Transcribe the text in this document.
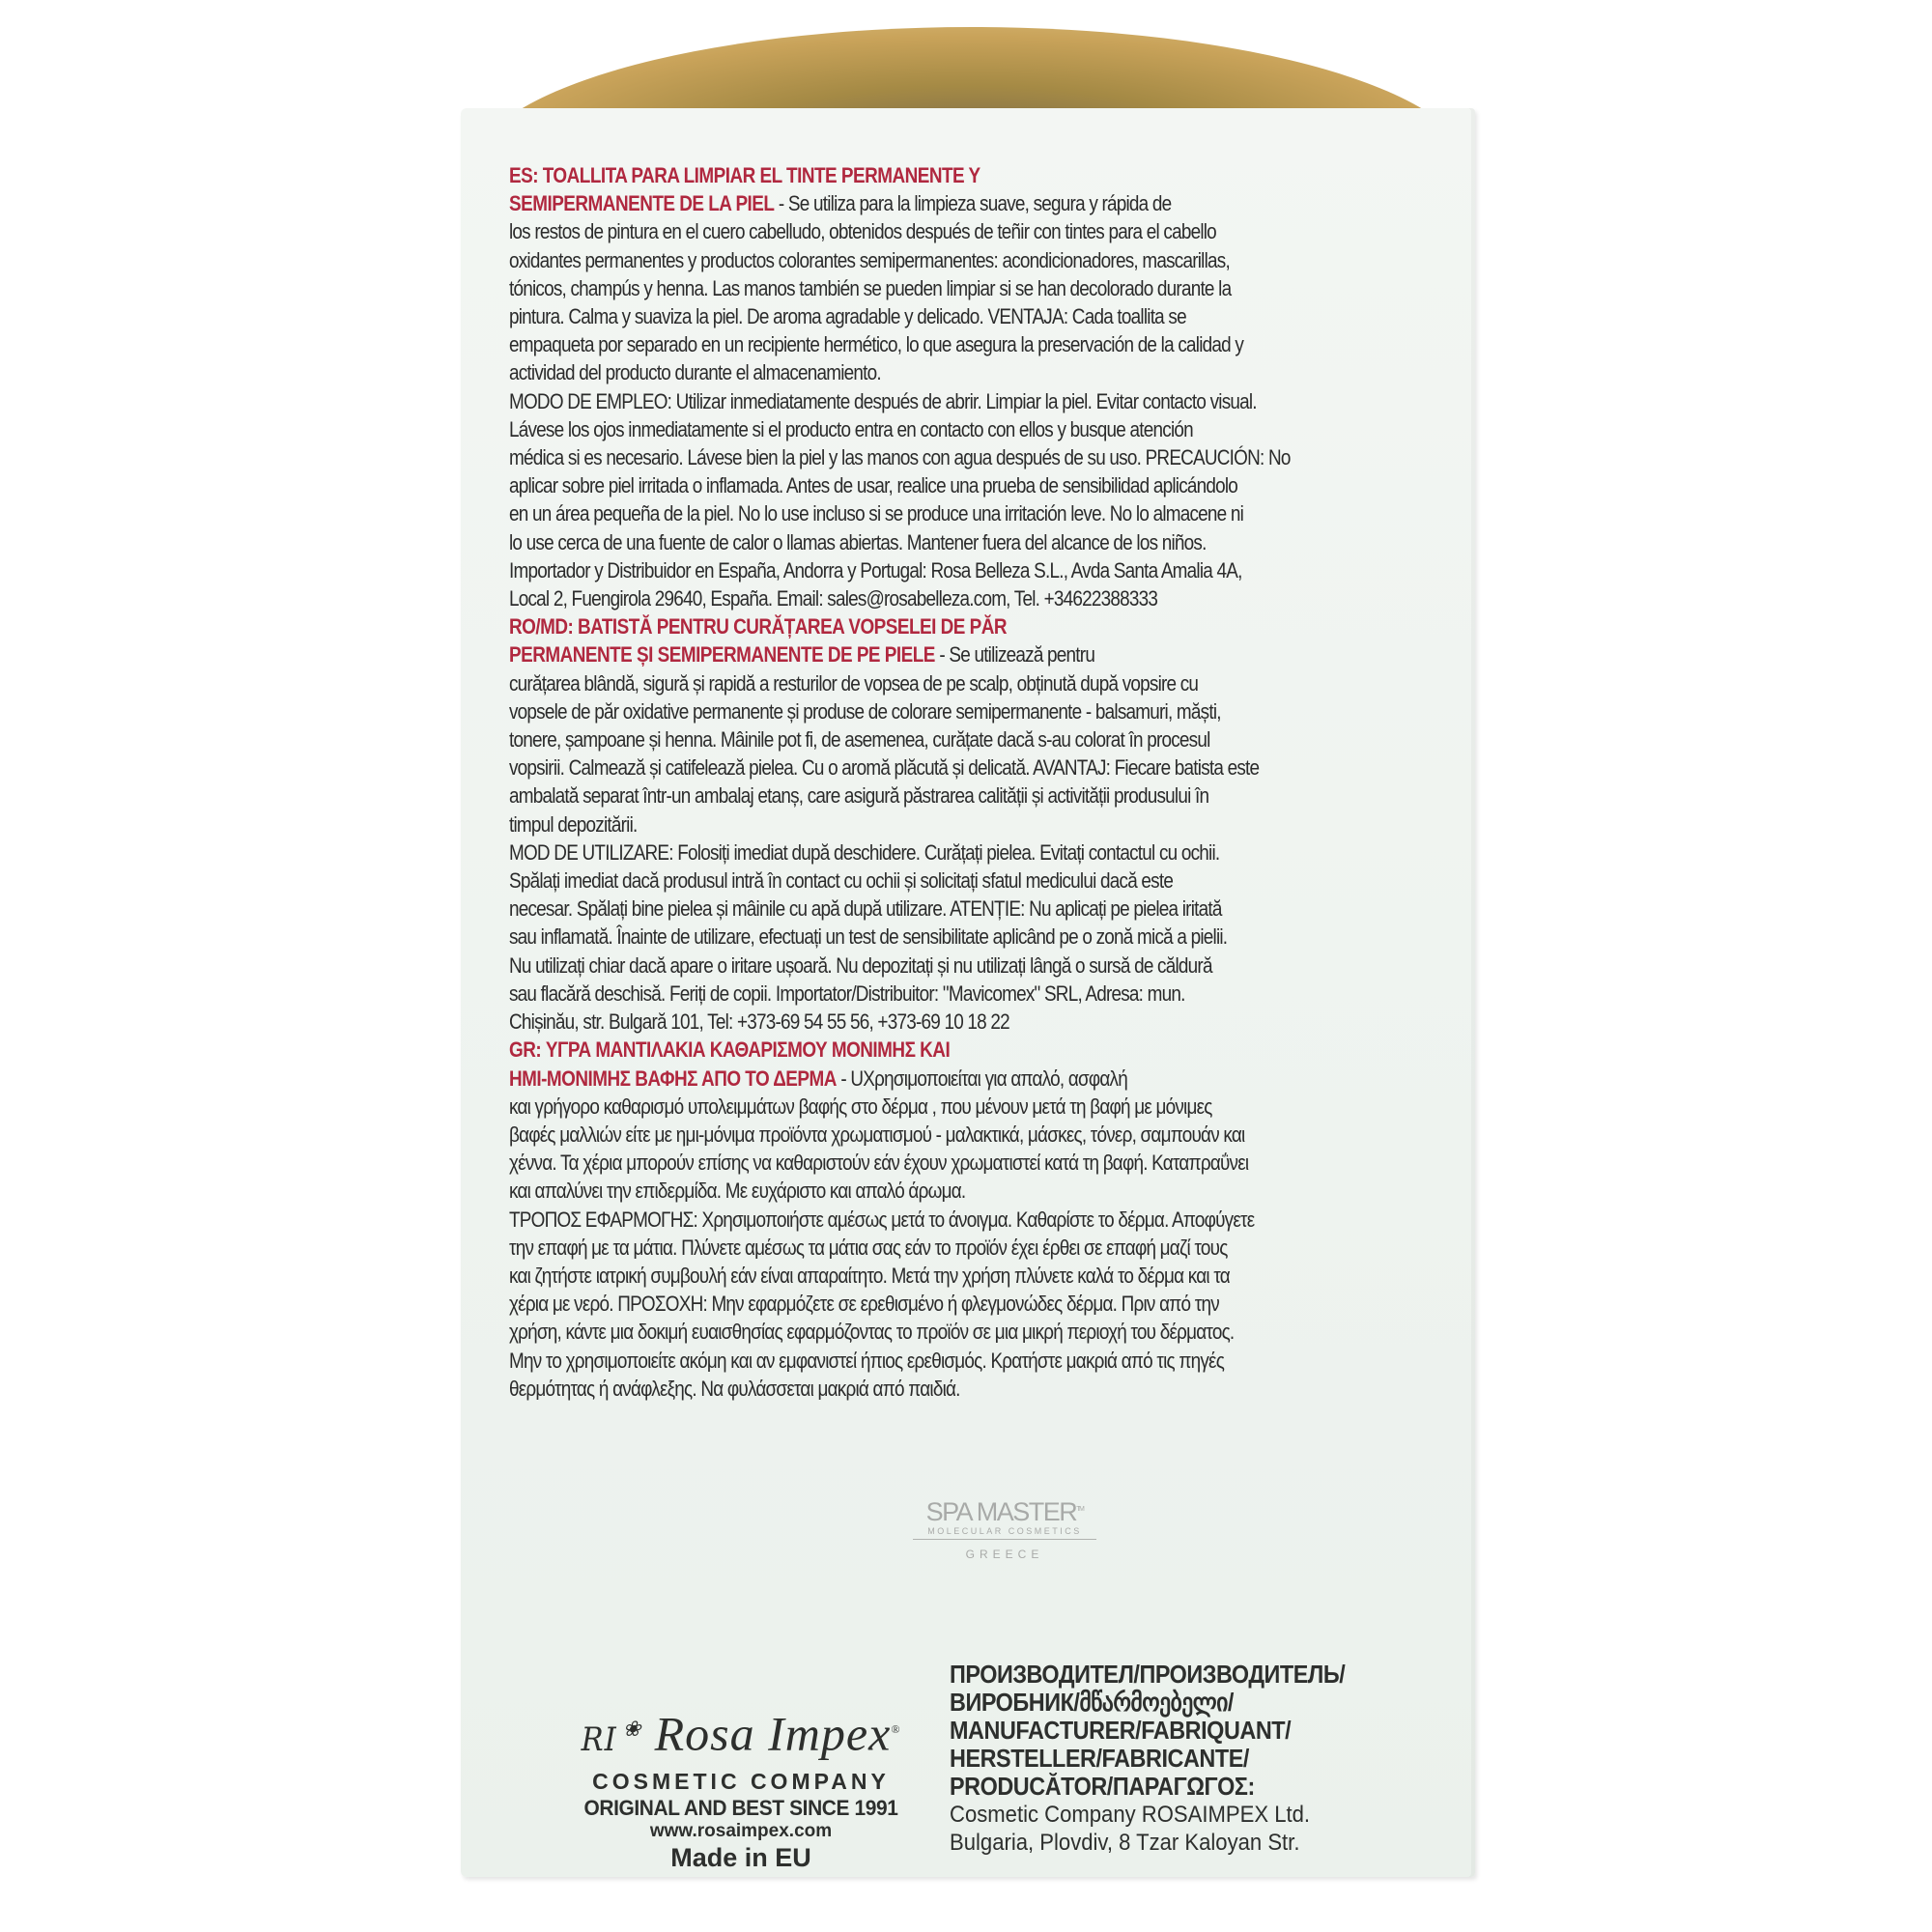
ES: TOALLITA PARA LIMPIAR EL TINTE PERMANENTE Y
SEMIPERMANENTE DE LA PIEL - Se utiliza para la limpieza suave, segura y rápida de
los restos de pintura en el cuero cabelludo, obtenidos después de teñir con tintes para el cabello
oxidantes permanentes y productos colorantes semipermanentes: acondicionadores, mascarillas,
tónicos, champús y henna. Las manos también se pueden limpiar si se han decolorado durante la
pintura. Calma y suaviza la piel. De aroma agradable y delicado. VENTAJA: Cada toallita se
empaqueta por separado en un recipiente hermético, lo que asegura la preservación de la calidad y
actividad del producto durante el almacenamiento.
MODO DE EMPLEO: Utilizar inmediatamente después de abrir. Limpiar la piel. Evitar contacto visual.
Lávese los ojos inmediatamente si el producto entra en contacto con ellos y busque atención
médica si es necesario. Lávese bien la piel y las manos con agua después de su uso. PRECAUCIÓN: No
aplicar sobre piel irritada o inflamada. Antes de usar, realice una prueba de sensibilidad aplicándolo
en un área pequeña de la piel. No lo use incluso si se produce una irritación leve. No lo almacene ni
lo use cerca de una fuente de calor o llamas abiertas. Mantener fuera del alcance de los niños.
Importador y Distribuidor en España, Andorra y Portugal: Rosa Belleza S.L., Avda Santa Amalia 4A,
Local 2, Fuengirola 29640, España. Email: sales@rosabelleza.com, Tel. +34622388333
RO/MD: BATISTĂ PENTRU CURĂȚAREA VOPSELEI DE PĂR
PERMANENTE ȘI SEMIPERMANENTE DE PE PIELE - Se utilizează pentru
curățarea blândă, sigură și rapidă a resturilor de vopsea de pe scalp, obținută după vopsire cu
vopsele de păr oxidative permanente și produse de colorare semipermanente - balsamuri, măști,
tonere, șampoane și henna. Mâinile pot fi, de asemenea, curățate dacă s-au colorat în procesul
vopsirii. Calmează și catifelează pielea. Cu o aromă plăcută și delicată. AVANTAJ: Fiecare batista este
ambalată separat într-un ambalaj etanș, care asigură păstrarea calității și activității produsului în
timpul depozitării.
MOD DE UTILIZARE: Folosiți imediat după deschidere. Curățați pielea. Evitați contactul cu ochii.
Spălați imediat dacă produsul intră în contact cu ochii și solicitați sfatul medicului dacă este
necesar. Spălați bine pielea și mâinile cu apă după utilizare. ATENȚIE: Nu aplicați pe pielea iritată
sau inflamată. Înainte de utilizare, efectuați un test de sensibilitate aplicând pe o zonă mică a pielii.
Nu utilizați chiar dacă apare o iritare ușoară. Nu depozitați și nu utilizați lângă o sursă de căldură
sau flacără deschisă. Feriți de copii. Importator/Distribuitor: "Mavicomex" SRL, Adresa: mun.
Chișinău, str. Bulgară 101, Tel: +373-69 54 55 56, +373-69 10 18 22
GR: ΥΓΡΑ ΜΑΝΤΙΛΑΚΙΑ ΚΑΘΑΡΙΣΜΟΥ ΜΟΝΙΜΗΣ ΚΑΙ
ΗΜΙ-ΜΟΝΙΜΗΣ ΒΑΦΗΣ ΑΠΟ ΤΟ ΔΕΡΜΑ - UΧρησιμοποιείται για απαλό, ασφαλή
και γρήγορο καθαρισμό υπολειμμάτων βαφής στο δέρμα , που μένουν μετά τη βαφή με μόνιμες
βαφές μαλλιών είτε με ημι-μόνιμα προϊόντα χρωματισμού - μαλακτικά, μάσκες, τόνερ, σαμπουάν και
χέννα. Τα χέρια μπορούν επίσης να καθαριστούν εάν έχουν χρωματιστεί κατά τη βαφή. Καταπραΰνει
και απαλύνει την επιδερμίδα. Με ευχάριστο και απαλό άρωμα.
ΤΡΟΠΟΣ ΕΦΑΡΜΟΓΗΣ: Χρησιμοποιήστε αμέσως μετά το άνοιγμα. Καθαρίστε το δέρμα. Αποφύγετε
την επαφή με τα μάτια. Πλύνετε αμέσως τα μάτια σας εάν το προϊόν έχει έρθει σε επαφή μαζί τους
και ζητήστε ιατρική συμβουλή εάν είναι απαραίτητο. Μετά την χρήση πλύνετε καλά το δέρμα και τα
χέρια με νερό. ΠΡΟΣΟΧΗ: Μην εφαρμόζετε σε ερεθισμένο ή φλεγμονώδες δέρμα. Πριν από την
χρήση, κάντε μια δοκιμή ευαισθησίας εφαρμόζοντας το προϊόν σε μια μικρή περιοχή του δέρματος.
Μην το χρησιμοποιείτε ακόμη και αν εμφανιστεί ήπιος ερεθισμός. Κρατήστε μακριά από τις πηγές
θερμότητας ή ανάφλεξης. Να φυλάσσεται μακριά από παιδιά.
SPA MASTER™
MOLECULAR COSMETICS
GREECE
RI ❀ Rosa Impex®
COSMETIC COMPANY
ORIGINAL AND BEST SINCE 1991
www.rosaimpex.com
Made in EU
ПРОИЗВОДИТЕЛ/ПРОИЗВОДИТЕЛЬ/
ВИРОБНИК/მწარმოებელი/
MANUFACTURER/FABRIQUANT/
HERSTELLER/FABRICANTE/
PRODUCĂTOR/ΠΑΡΑΓΩΓΟΣ:
Cosmetic Company ROSAIMPEX Ltd.
Bulgaria, Plovdiv, 8 Tzar Kaloyan Str.
